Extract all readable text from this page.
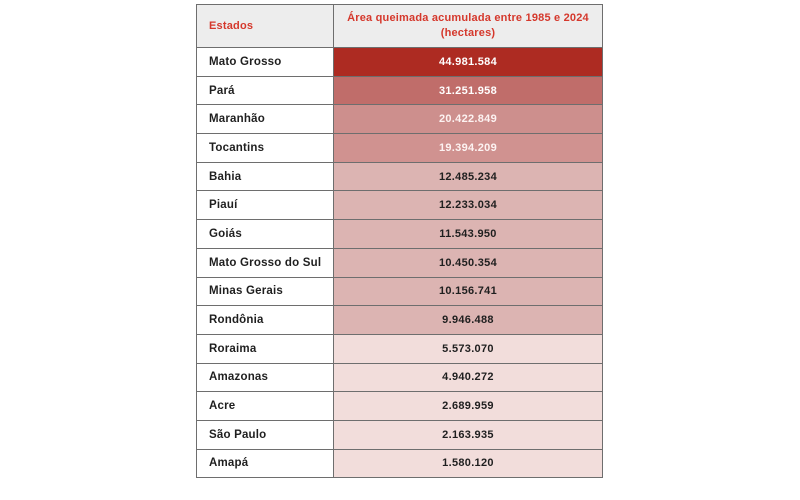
Estados	Área queimada acumulada entre 1985 e 2024
(hectares)

Mato Grosso	44.981.584
Pará	31.251.958
Maranhão	20.422.849
Tocantins	19.394.209
Bahia	12.485.234
Piauí	12.233.034
Goiás	11.543.950
Mato Grosso do Sul	10.450.354
Minas Gerais	10.156.741
Rondônia	9.946.488
Roraima	5.573.070
Amazonas	4.940.272
Acre	2.689.959
São Paulo	2.163.935
Amapá	1.580.120
